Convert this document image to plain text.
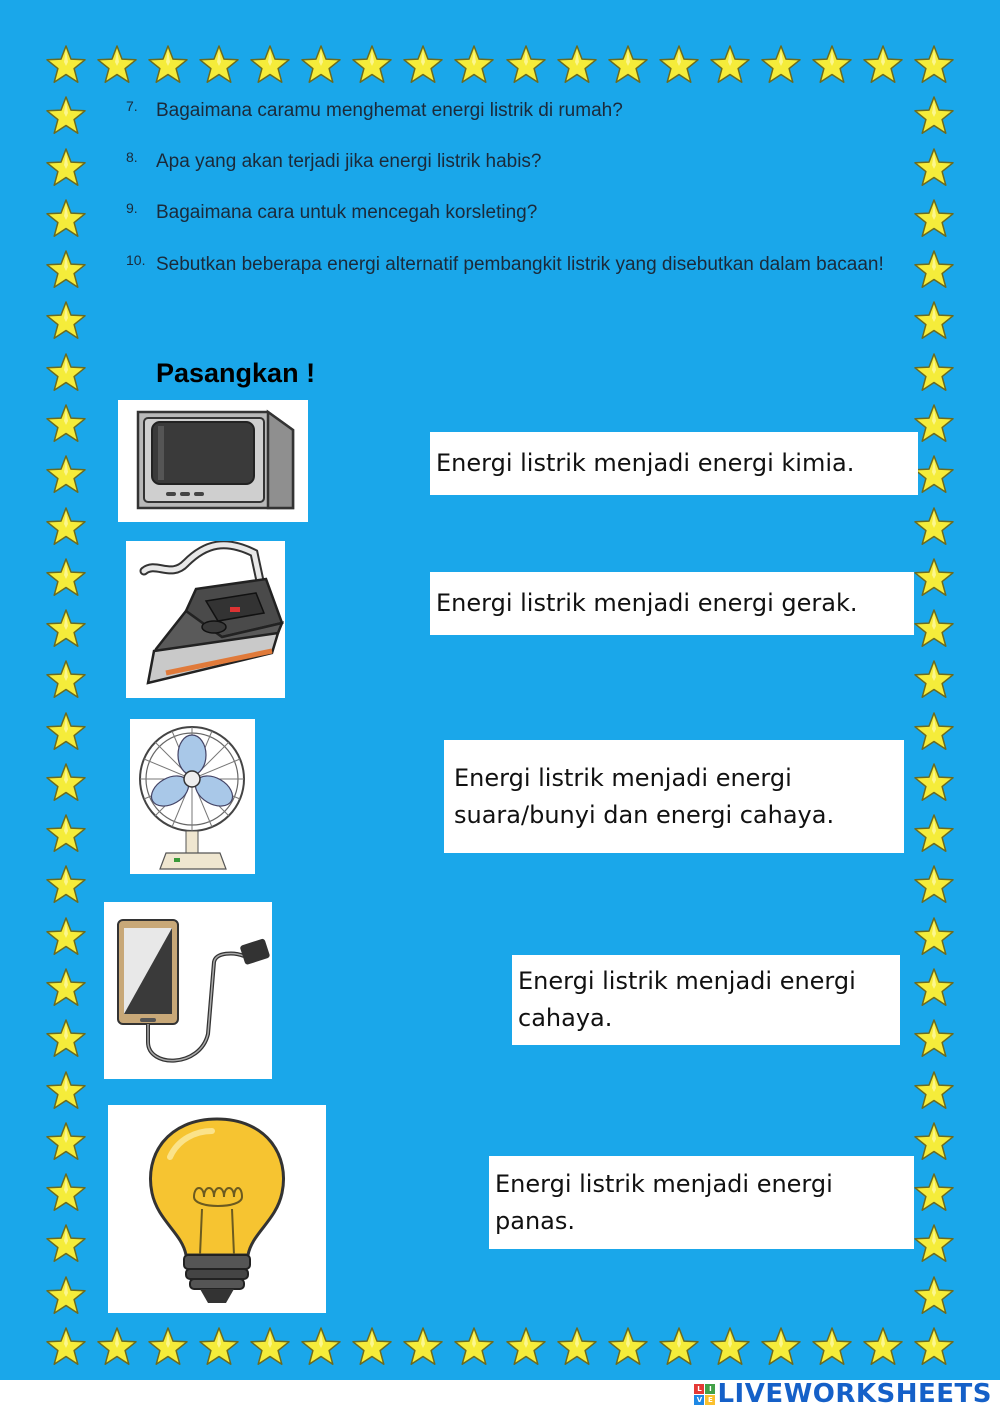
7. Bagaimana caramu menghemat energi listrik di rumah?
8. Apa yang akan terjadi jika energi listrik habis?
9. Bagaimana cara untuk mencegah korsleting?
10. Sebutkan beberapa energi alternatif pembangkit listrik yang disebutkan dalam bacaan!
Pasangkan !
Energi listrik menjadi energi kimia.
Energi listrik menjadi energi gerak.
Energi listrik menjadi energi suara/bunyi dan energi cahaya.
Energi listrik menjadi energi cahaya.
Energi listrik menjadi energi panas.
L	I
V E LIVEWORKSHEETS
